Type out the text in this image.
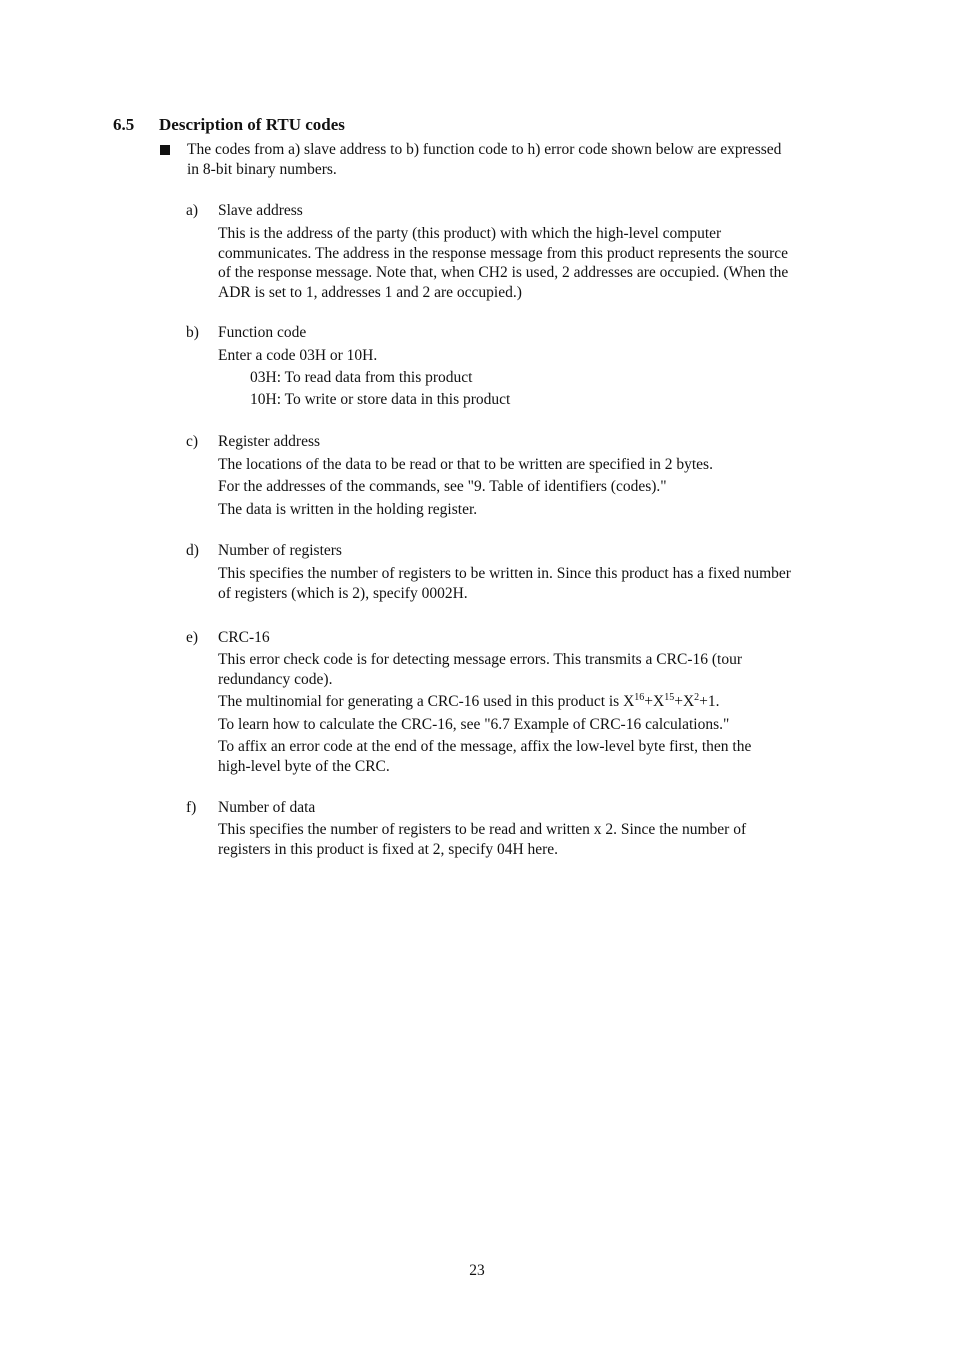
6.5 Description of RTU codes
The codes from a) slave address to b) function code to h) error code shown below are expressed
in 8-bit binary numbers.
a) Slave address
This is the address of the party (this product) with which the high-level computer
communicates. The address in the response message from this product represents the source
of the response message. Note that, when CH2 is used, 2 addresses are occupied. (When the
ADR is set to 1, addresses 1 and 2 are occupied.)
b) Function code
Enter a code 03H or 10H.
03H: To read data from this product
10H: To write or store data in this product
c) Register address
The locations of the data to be read or that to be written are specified in 2 bytes.
For the addresses of the commands, see "9. Table of identifiers (codes)."
The data is written in the holding register.
d) Number of registers
This specifies the number of registers to be written in. Since this product has a fixed number
of registers (which is 2), specify 0002H.
e) CRC-16
This error check code is for detecting message errors. This transmits a CRC-16 (tour
redundancy code).
The multinomial for generating a CRC-16 used in this product is $X^{16}+X^{15}+X^2+1$.
To learn how to calculate the CRC-16, see "6.7 Example of CRC-16 calculations."
To affix an error code at the end of the message, affix the low-level byte first, then the
high-level byte of the CRC.
f) Number of data
This specifies the number of registers to be read and written x 2. Since the number of
registers in this product is fixed at 2, specify 04H here.
23
